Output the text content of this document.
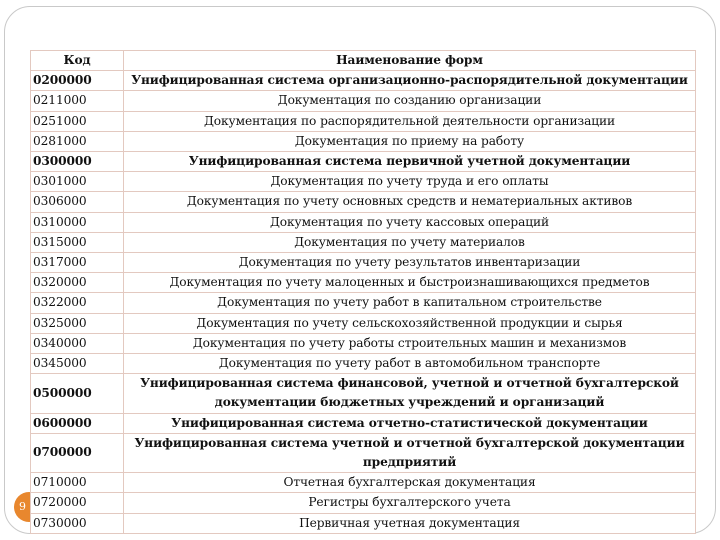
9
Код	Наименование форм
0200000	Унифицированная система организационно-распорядительной документации
0211000	Документация по созданию организации
0251000	Документация по распорядительной деятельности организации
0281000	Документация по приему на работу
0300000	Унифицированная система первичной учетной документации
0301000	Документация по учету труда и его оплаты
0306000	Документация по учету основных средств и нематериальных активов
0310000	Документация по учету кассовых операций
0315000	Документация по учету материалов
0317000	Документация по учету результатов инвентаризации
0320000	Документация по учету малоценных и быстроизнашивающихся предметов
0322000	Документация по учету работ в капитальном строительстве
0325000	Документация по учету сельскохозяйственной продукции и сырья
0340000	Документация по учету работы строительных машин и механизмов
0345000	Документация по учету работ в автомобильном транспорте
0500000	Унифицированная система финансовой, учетной и отчетной бухгалтерской документации бюджетных учреждений и организаций
0600000	Унифицированная система отчетно-статистической документации
0700000	Унифицированная система учетной и отчетной бухгалтерской документации предприятий
0710000	Отчетная бухгалтерская документация
0720000	Регистры бухгалтерского учета
0730000	Первичная учетная документация
